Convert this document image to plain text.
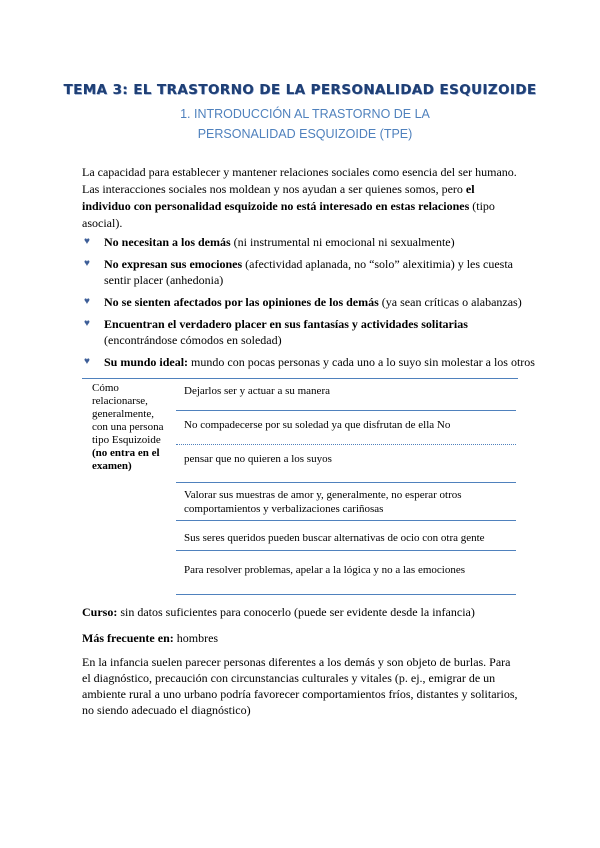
TEMA 3: EL TRASTORNO DE LA PERSONALIDAD ESQUIZOIDE
1. INTRODUCCIÓN AL TRASTORNO DE LA PERSONALIDAD ESQUIZOIDE (TPE)
La capacidad para establecer y mantener relaciones sociales como esencia del ser humano. Las interacciones sociales nos moldean y nos ayudan a ser quienes somos, pero el individuo con personalidad esquizoide no está interesado en estas relaciones (tipo asocial).
♥ No necesitan a los demás (ni instrumental ni emocional ni sexualmente)
♥ No expresan sus emociones (afectividad aplanada, no “solo” alexitimia) y les cuesta sentir placer (anhedonia)
♥ No se sienten afectados por las opiniones de los demás (ya sean críticas o alabanzas)
♥ Encuentran el verdadero placer en sus fantasías y actividades solitarias (encontrándose cómodos en soledad)
♥ Su mundo ideal: mundo con pocas personas y cada uno a lo suyo sin molestar a los otros
Cómo relacionarse, generalmente, con una persona tipo Esquizoide (no entra en el examen)
Dejarlos ser y actuar a su manera
No compadecerse por su soledad ya que disfrutan de ella No
pensar que no quieren a los suyos
Valorar sus muestras de amor y, generalmente, no esperar otros comportamientos y verbalizaciones cariñosas
Sus seres queridos pueden buscar alternativas de ocio con otra gente
Para resolver problemas, apelar a la lógica y no a las emociones
Curso: sin datos suficientes para conocerlo (puede ser evidente desde la infancia)
Más frecuente en: hombres
En la infancia suelen parecer personas diferentes a los demás y son objeto de burlas. Para el diagnóstico, precaución con circunstancias culturales y vitales (p. ej., emigrar de un ambiente rural a uno urbano podría favorecer comportamientos fríos, distantes y solitarios, no siendo adecuado el diagnóstico)
